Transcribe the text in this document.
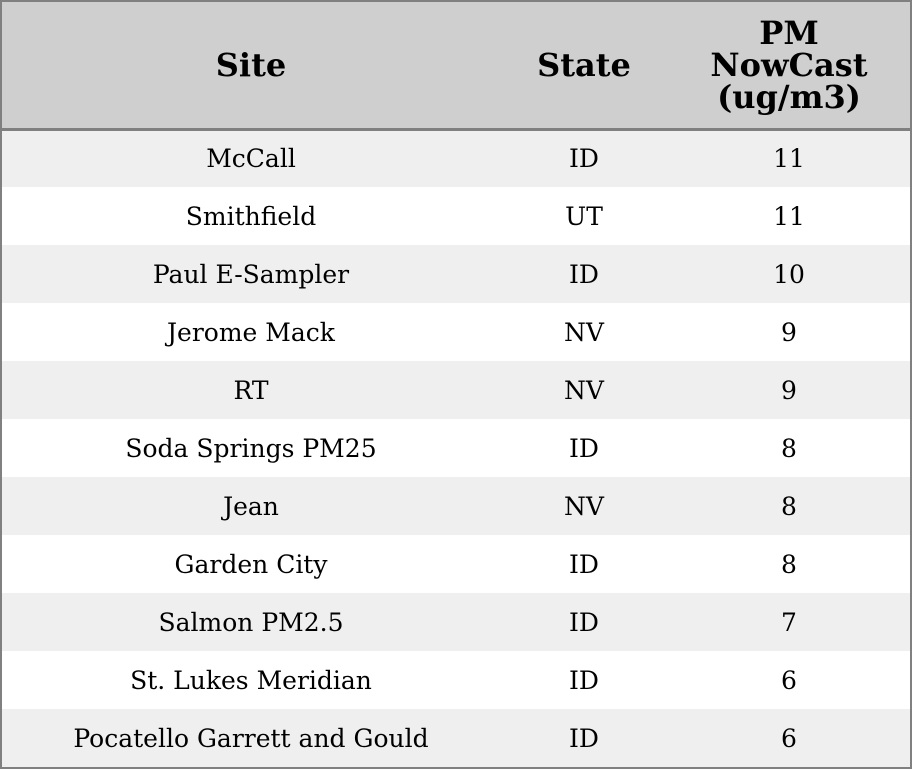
Site	State	PM
NowCast
(ug/m3)

McCall	ID	11
Smithfield	UT	11
Paul E-Sampler	ID	10
Jerome Mack	NV	9
RT	NV	9
Soda Springs PM25	ID	8
Jean	NV	8
Garden City	ID	8
Salmon PM2.5	ID	7
St. Lukes Meridian	ID	6
Pocatello Garrett and Gould	ID	6
